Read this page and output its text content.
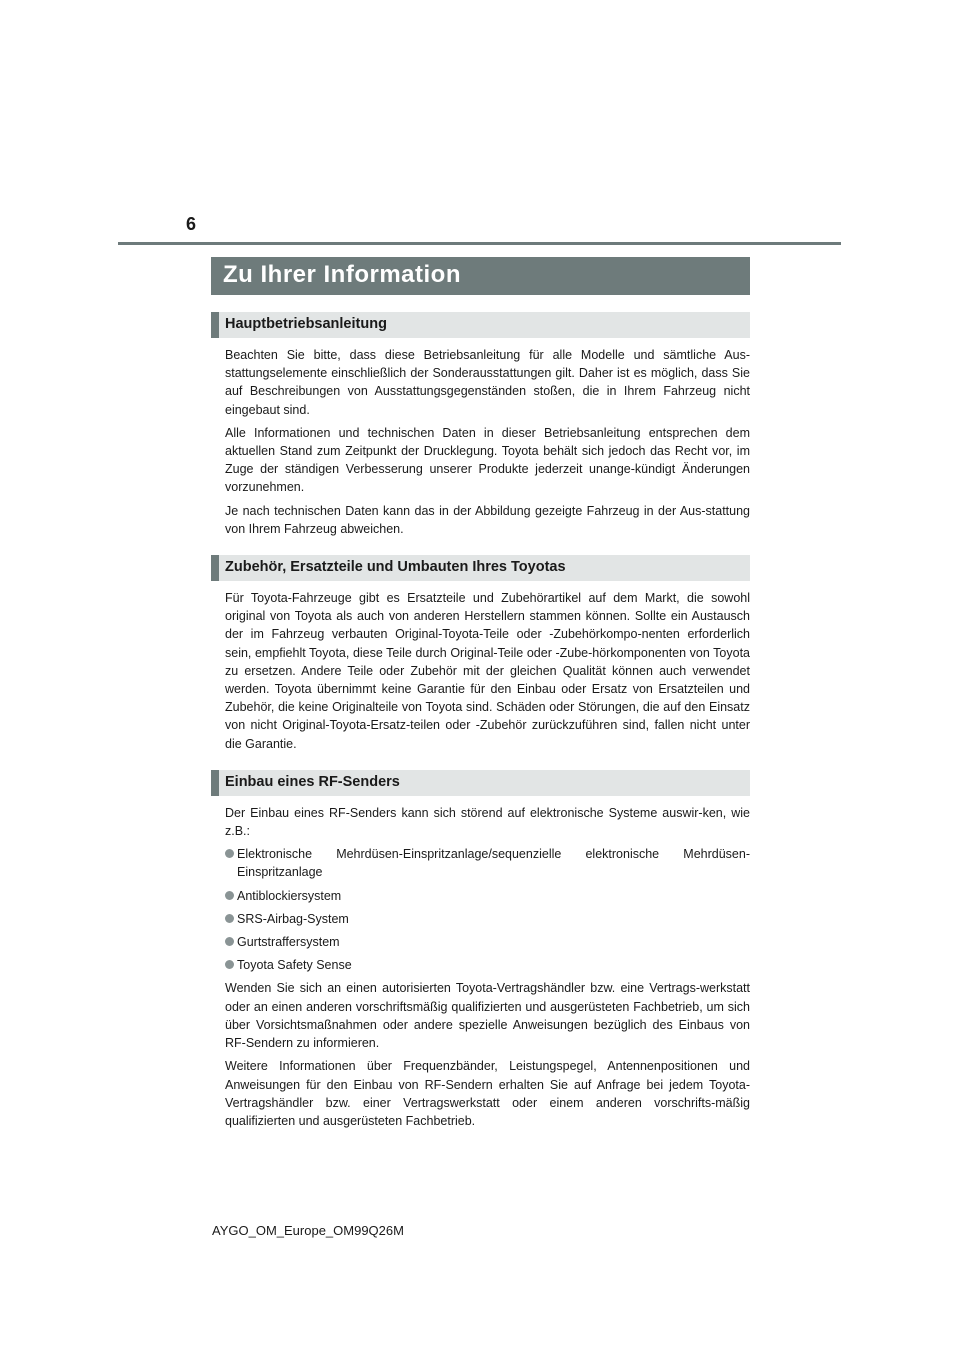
6
Zu Ihrer Information
Hauptbetriebsanleitung

Beachten Sie bitte, dass diese Betriebsanleitung für alle Modelle und sämtliche Aus-stattungselemente einschließlich der Sonderausstattungen gilt. Daher ist es möglich, dass Sie auf Beschreibungen von Ausstattungsgegenständen stoßen, die in Ihrem Fahrzeug nicht eingebaut sind.

Alle Informationen und technischen Daten in dieser Betriebsanleitung entsprechen dem aktuellen Stand zum Zeitpunkt der Drucklegung. Toyota behält sich jedoch das Recht vor, im Zuge der ständigen Verbesserung unserer Produkte jederzeit unange-kündigt Änderungen vorzunehmen.

Je nach technischen Daten kann das in der Abbildung gezeigte Fahrzeug in der Aus-stattung von Ihrem Fahrzeug abweichen.

Zubehör, Ersatzteile und Umbauten Ihres Toyotas

Für Toyota-Fahrzeuge gibt es Ersatzteile und Zubehörartikel auf dem Markt, die sowohl original von Toyota als auch von anderen Herstellern stammen können. Sollte ein Austausch der im Fahrzeug verbauten Original-Toyota-Teile oder -Zubehörkompo-nenten erforderlich sein, empfiehlt Toyota, diese Teile durch Original-Teile oder -Zube-hörkomponenten von Toyota zu ersetzen. Andere Teile oder Zubehör mit der gleichen Qualität können auch verwendet werden. Toyota übernimmt keine Garantie für den Einbau oder Ersatz von Ersatzteilen und Zubehör, die keine Originalteile von Toyota sind. Schäden oder Störungen, die auf den Einsatz von nicht Original-Toyota-Ersatz-teilen oder -Zubehör zurückzuführen sind, fallen nicht unter die Garantie.

Einbau eines RF-Senders

Der Einbau eines RF-Senders kann sich störend auf elektronische Systeme auswir-ken, wie z.B.:

Elektronische Mehrdüsen-Einspritzanlage/sequenzielle elektronische Mehrdüsen-Einspritzanlage
Antiblockiersystem
SRS-Airbag-System
Gurtstraffersystem
Toyota Safety Sense

Wenden Sie sich an einen autorisierten Toyota-Vertragshändler bzw. eine Vertrags-werkstatt oder an einen anderen vorschriftsmäßig qualifizierten und ausgerüsteten Fachbetrieb, um sich über Vorsichtsmaßnahmen oder andere spezielle Anweisungen bezüglich des Einbaus von RF-Sendern zu informieren.

Weitere Informationen über Frequenzbänder, Leistungspegel, Antennenpositionen und Anweisungen für den Einbau von RF-Sendern erhalten Sie auf Anfrage bei jedem Toyota-Vertragshändler bzw. einer Vertragswerkstatt oder einem anderen vorschrifts-mäßig qualifizierten und ausgerüsteten Fachbetrieb.

AYGO_OM_Europe_OM99Q26M
